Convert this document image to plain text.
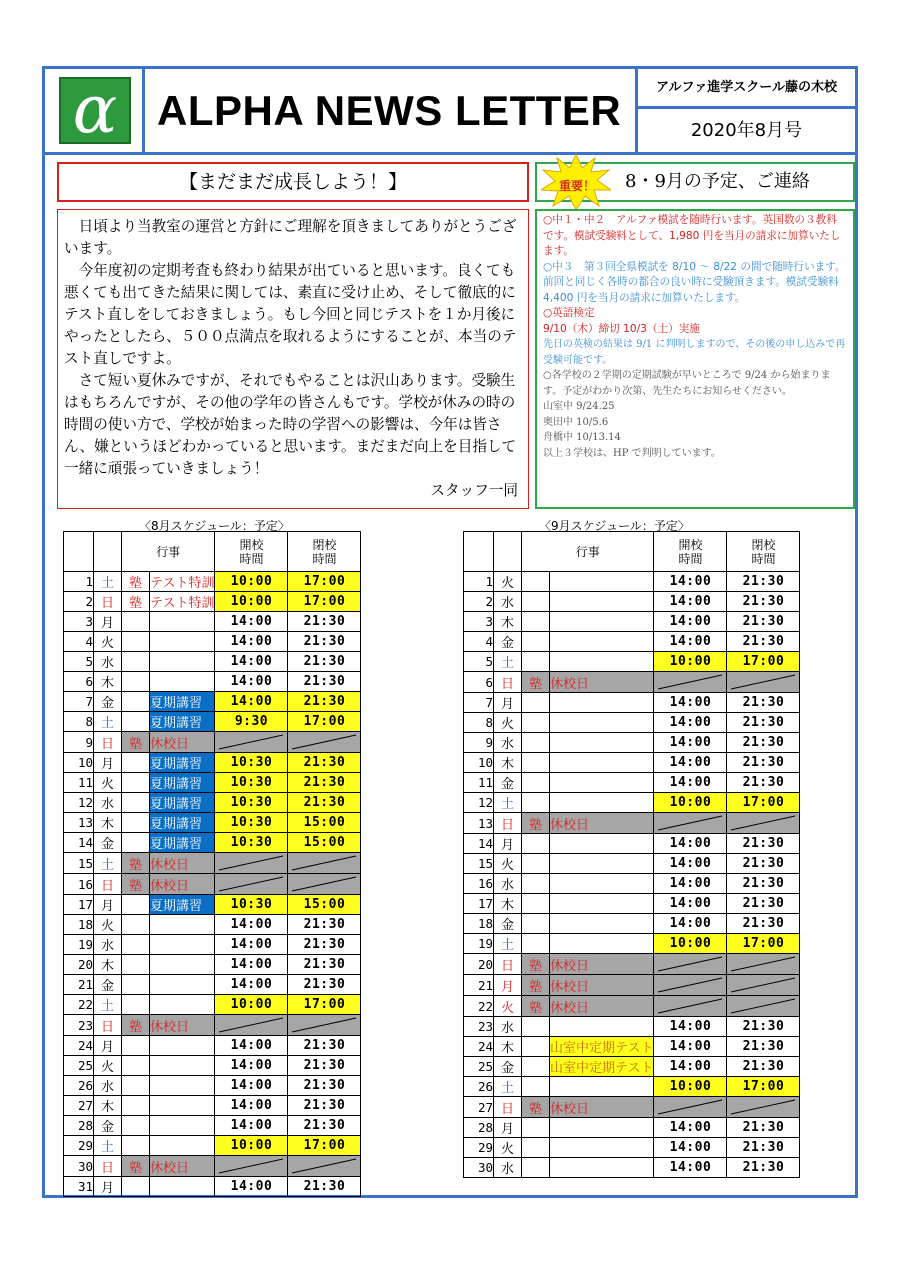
α ALPHA NEWS LETTER	アルファ進学スクール藤の木校
2020年8月号
【まだまだ成長しよう！】

日頃より当教室の運営と方針にご理解を頂きましてありがとうございます。

今年度初の定期考査も終わり結果が出ていると思います。良くても悪くても出てきた結果に関しては、素直に受け止め、そして徹底的にテスト直しをしておきましょう。もし今回と同じテストを１か月後にやったとしたら、５００点満点を取れるようにすることが、本当のテスト直しですよ。

さて短い夏休みですが、それでもやることは沢山あります。受験生はもちろんですが、その他の学年の皆さんもです。学校が休みの時の時間の使い方で、学校が始まった時の学習への影響は、今年は皆さん、嫌というほどわかっていると思います。まだまだ向上を目指して一緒に頑張っていきましょう！

スタッフ一同
重要！	8・9月の予定、ご連絡
○中１・中２　アルファ模試を随時行います。英国数の３教科です。模試受験料として、1,980 円を当月の請求に加算いたします。
○中３　第３回全県模試を 8/10 ～ 8/22 の間で随時行います。前回と同じく各時の都合の良い時に受験頂きます。模試受験料 4,400 円を当月の請求に加算いたします。
○英語検定
9/10（木）締切 10/3（土）実施
先日の英検の結果は 9/1 に判明しますので、その後の申し込みで再受験可能です。
○各学校の２学期の定期試験が早いところで 9/24 から始まります。予定がわかり次第、先生たちにお知らせください。
山室中 9/24.25
奥田中 10/5.6
舟橋中 10/13.14
以上３学校は、HP で判明しています。
〈8月スケジュール：予定〉	〈9月スケジュール：予定〉
		行事		開校
時間	閉校
時間
1	土	塾	テスト特訓	10:00	17:00
2	日	塾	テスト特訓	10:00	17:00
3	月			14:00	21:30
4	火			14:00	21:30
5	水			14:00	21:30
6	木			14:00	21:30
7	金		夏期講習	14:00	21:30
8	土		夏期講習	9:30	17:00
9	日	塾	休校日	

10	月		夏期講習	10:30	21:30
11	火		夏期講習	10:30	21:30
12	水		夏期講習	10:30	21:30
13	木		夏期講習	10:30	15:00
14	金		夏期講習	10:30	15:00
15	土	塾	休校日	

16	日	塾	休校日	

17	月		夏期講習	10:30	15:00
18	火			14:00	21:30
19	水			14:00	21:30
20	木			14:00	21:30
21	金			14:00	21:30
22	土			10:00	17:00
23	日	塾	休校日	

24	月			14:00	21:30
25	火			14:00	21:30
26	水			14:00	21:30
27	木			14:00	21:30
28	金			14:00	21:30
29	土			10:00	17:00
30	日	塾	休校日	

31	月			14:00	21:30
		行事		開校
時間	閉校
時間
1	火			14:00	21:30
2	水			14:00	21:30
3	木			14:00	21:30
4	金			14:00	21:30
5	土			10:00	17:00
6	日	塾	休校日	

7	月			14:00	21:30
8	火			14:00	21:30
9	水			14:00	21:30
10	木			14:00	21:30
11	金			14:00	21:30
12	土			10:00	17:00
13	日	塾	休校日	

14	月			14:00	21:30
15	火			14:00	21:30
16	水			14:00	21:30
17	木			14:00	21:30
18	金			14:00	21:30
19	土			10:00	17:00
20	日	塾	休校日	

21	月	塾	休校日	

22	火	塾	休校日	

23	水			14:00	21:30
24	木		山室中定期テスト	14:00	21:30
25	金		山室中定期テスト	14:00	21:30
26	土			10:00	17:00
27	日	塾	休校日	

28	月			14:00	21:30
29	火			14:00	21:30
30	水			14:00	21:30
